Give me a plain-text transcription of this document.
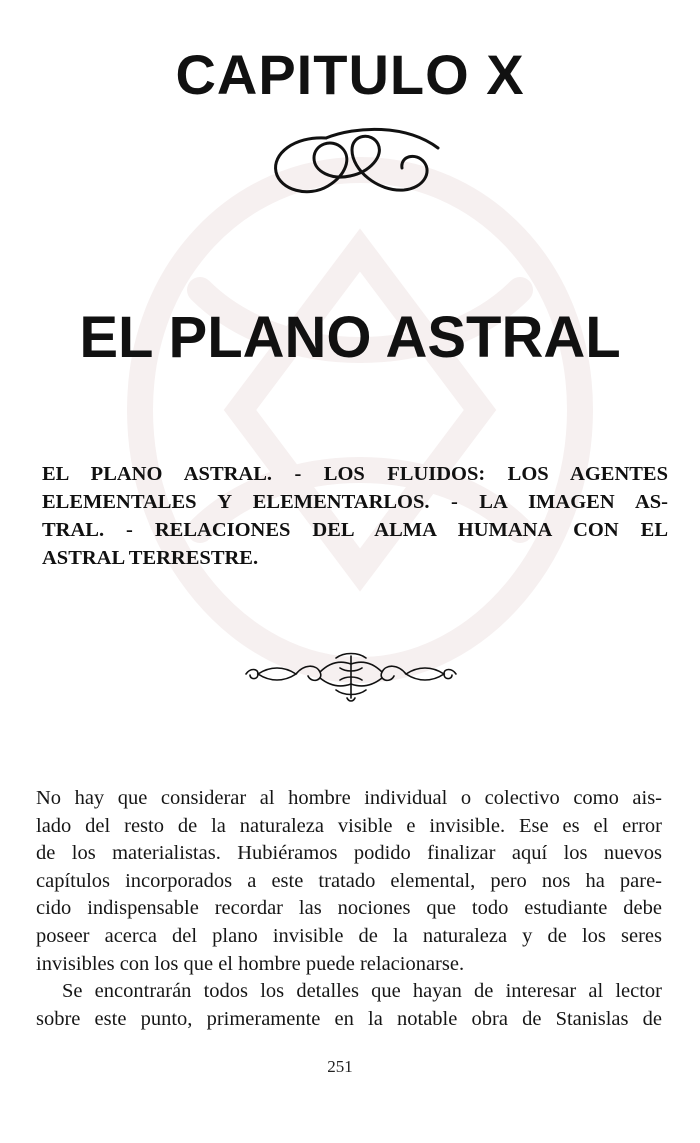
CAPITULO X
EL PLANO ASTRAL
EL PLANO ASTRAL. - LOS FLUIDOS: LOS AGENTES
ELEMENTALES Y ELEMENTARLOS. - LA IMAGEN AS-
TRAL. - RELACIONES DEL ALMA HUMANA CON EL
ASTRAL TERRESTRE.
No hay que considerar al hombre individual o colectivo como ais-
lado del resto de la naturaleza visible e invisible. Ese es el error
de los materialistas. Hubiéramos podido finalizar aquí los nuevos
capítulos incorporados a este tratado elemental, pero nos ha pare-
cido indispensable recordar las nociones que todo estudiante debe
poseer acerca del plano invisible de la naturaleza y de los seres
invisibles con los que el hombre puede relacionarse.
Se encontrarán todos los detalles que hayan de interesar al lector
sobre este punto, primeramente en la notable obra de Stanislas de
251
